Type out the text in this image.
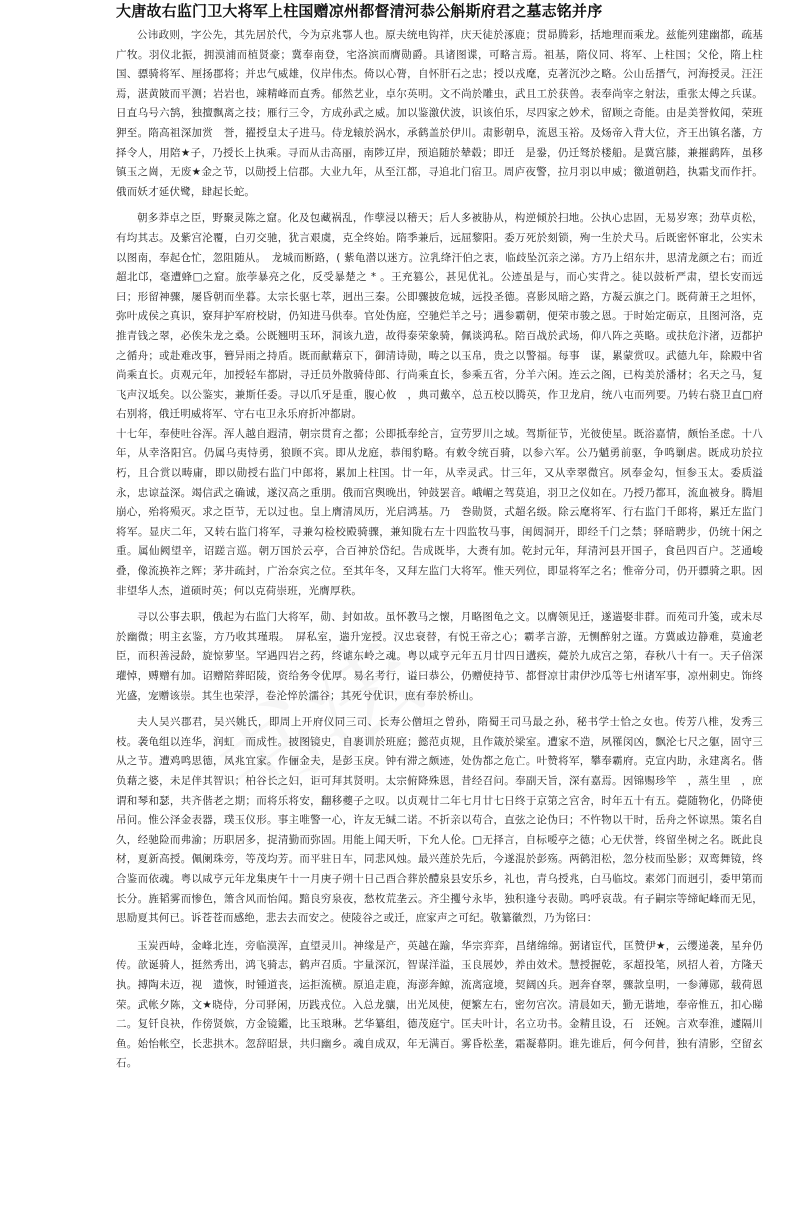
大唐故右监门卫大将军上柱国赠凉州都督清河恭公斛斯府君之墓志铭并序

公讳政则，字公先，其先居於代，今为京兆鄠人也。原夫统电钩祥，庆天徒於涿鹿；贯昴腾彩，括地理而乘龙。兹能列建幽都，疏基广牧。羽仪北振，拥漠浦而植贤豪；冀奉南登，宅洛滨而膺勋爵。具诸图谍，可略言焉。祖基，隋仪同、将军、上柱国；父伦，隋上柱国、骠骑将军、厘扬郡将；并忠气威雄，仪岸伟杰。倚以心膂，自怀肝石之忠；授以戎麾，克著沉沙之略。公山岳搢气，河海授灵。汪汪焉，湛黄陂而平测；岩岩也，竦精峰而直秀。郁然艺业，卓尔英明。文不尚於雕虫，武且工於获兽。表奉尚宰之射法，重张太傅之兵谋。日直乌号六鹄，独擅飘离之技；雁行三令，方成孙武之威。加以鉴激伏波，识该伯乐，尽四家之妙术，留顾之奇能。由是美誉攸闻，荣班狎至。隋高祖深加赏　誉，擢授皇太子进马。侍龙辕於涡水，承鹤盖於伊川。肃影朝阜，流恩玉裕。及炀帝入背大位，齐王出镇名藩，方择令人，用陪★子，乃授长上执乘。寻而从击高丽，南陟辽岸，预追随於辇毂；即迁　是銎，仍迁驽於楼船。是冀宫膝，兼摧鹞阵，虽移镇玉之崗，无废★金之节，以勋授上信郡。大业九年，从至江都，寻追北门宿卫。周庐夜警，拉月羽以申威；徼道朝趋，执霜戈而作扞。俄而妖才延伏鹭，肆起长蛇。

朝多莽卓之臣，野聚灵陈之窟。化及包藏祸乱，作孽浸以稽天；后人多被胁从，构逆倾於扫地。公执心忠固，无易岁寒；劲草贞松，有均其志。及紫宫沦覆，白刃交驰，犹言艰虞，克全终始。隋季兼后，远屈黎阳。委万死於刻锁，殉一生於犬马。后既密怀窜北，公实未以图南，奉起仓忙，忽阻随从。　龙城而断路，( 紫龟潜以迷方。泣乳绛汗伯之衷，临歧坠沉亲之涕。方乃上绍东井，思清龙颜之右；而近超北邙，毫遭蜂□之窟。旅荸暴亮之化，反受暴楚之 * 。王充篡公，甚见优礼。公迹虽是与，而心实背之。徒以鼓析严肃，望长安而远曰；形留神骤，屡昏朝而坐暮。太宗长驱七萃，迥出三秦。公即骤披危城，远投圣德。喜影凤暗之路，方凝云旗之门。既荷萧王之坦怀，弥叶成侯之真识，寮拜护军府校尉，仍知进马供奉。官处伪庭，空驰烂羊之号；遇参霸朝，便荣市骏之恩。于时始定砺京，且图河洛，克推青钱之翠，必俟朱龙之桑。公既翘明玉环，洞该九造，故得泰荣象骑，佩谈鸿私。陪百战於武场，仰八阵之英略。或扶危汴渚，迈都护之循舟；或赴难改事，簪异雨之持盾。既而献藉京下，御清诗勋，畴之以玉帛，贵之以警福。每事　谋，累蒙赏叹。武德九年，除殿中省尚乘直长。贞观元年，加授轻车都尉，寻迁员外散骑侍郎、行尚乘直长，参乘五省，分羊六闲。连云之阁，已构美於潘材；名天之马，复飞声汉坻矣。以公鉴实，兼斯任委。寻以爪牙是重，腹心攸　，典司戴卒，总五校以腾英，作卫龙肩，统八屯而列要。乃转右骁卫直□府右别将，俄迁明威将军、守右屯卫永乐府折冲都尉。

十七年，奉使吐谷浑。浑人越自遐清，朝宗贯育之都；公即抵奉纶言，宣劳罗川之域。驾斯征节，光彼使星。既浴嘉情，颇怡圣虑。十八年，从幸洛阳宫。仍属乌夷恃勇，狼顾不宾。即从龙庭，恭闱豹略。有敕令统百骑，以参六军。公乃魈勇前驱，争鸣剿虐。既成功於拉朽，且合赏以畴庸，即以勋授右监门中郎将，累加上柱国。廿一年，从幸灵武。廿三年，又从幸翠微宫。夙奉金勾，恒参玉太。委质溢永，忠谅益深。竭信武之确诚，遂汉高之重朋。俄而宫舆晚出，钟鼓罢音。峨嵋之驾莫追，羽卫之仪如在。乃授乃都耳，流血被身。腾旭崩心，殆将殒灭。求之臣节，无以过也。皇上膺清凤历，光启鸿基。乃　巻勋贤，式超名级。除云麾将军、行右监门千郎将，累迁左监门将军。显庆二年，又转右监门将军，寻兼勾检校殿骑骤，兼知陇右左十四监牧马事，闺闼洞开，即经千门之禁；驿暗聘步，仍统十闲之重。属仙阙望辛，诏蹉言巡。朝万国於云亭，合百神於岱纪。告成既毕，大赉有加。乾封元年，拜清河县开国子，食邑四百户。芝通峻叠，像流换祚之辉；茅井疏封，广治奈宾之位。至其年冬，又拜左监门大将军。惟天列位，即显将军之名；惟帝分司，仍开骠骑之职。因非望华人杰，道硕时英；何以克荷崇班，光膺厚秩。

寻以公事去职，俄起为右监门大将军，勋、封如故。虽怀教马之懐，月略图龟之文。以膺领见迁，遂遄娶非群。而苑司升笺，或未尽於幽微；明主玄鉴，方乃收其瑾瑕。　屏私室，遄升宠授。汉忠衰替，有悦王帝之心；霸孝言游，无恻醉射之谨。方冀戚边静难，莫逾老臣，而积善浸龄，旋惊萝坚。罕遇四岩之药，终谑东岭之魂。粤以咸亨元年五月廿四日遘疾，薨於九成宫之第，春秋八十有一。天子倍深瓘悼，赙赠有加。诏赠陪葬昭陵，资给务令优厚。易名考行，谥曰恭公，仍赠使持节、都督凉甘肃伊沙瓜等七州诸军事，凉州刺史。饰终光盛，宠赠该崇。其生也荣浮，卷沦悴於濡谷；其死兮优识，庶有奉於桥山。

夫人吴兴郡君，吴兴姚氏，即周上开府仪同三司、长寿公僧垣之曾孙，隋蜀王司马最之孙，秘书学士恰之女也。传芳八椎，发秀三枝。袭龟组以连华，润虹　而成性。披图镜史，自裹训於班庭；懿范贞规，且作箴於梁室。遭家不造，夙罹闵凶，飘沦七尺之躯，固守三从之节。遭鸡鸣思德，凤兆宜家。作俪金夫，是彭玉戾。钟有滞之颇迹，处伪都之危亡。叶赞将军，攀奉霸府。克宣内助，永建离名。偕负藉之婆，未足伴其智识；柏谷长之妇，讵可拜其贤明。太宗俯降殊恩，昔经召问。奉副天旨，深有嘉焉。因锦赐珍竿　，蒸生里　，庶谓和琴和瑟，共齐偕老之期；而将乐将安，翻移夔子之叹。以贞观廿二年七月廿七日终于京第之宫舍，时年五十有五。薨随物化，仍降使吊问。惟公泽金表器，璞玉仪形。事主唯警一心，许友无缄二诺。不折亲以苟合，直弦之论伪曰；不忤物以干时，岳舟之怀谅黑。策名自久，经驰险而弗渝；历职居多，捉清勤而弥固。用能上闻天听，下允人伦。□无择言，自标嗳亭之德；心无伏誉，终留坐树之名。既此良材，夏新高授。佩阑珠旁，等茂均芳。而平驻日车，同悲风烛。最兴莲於先后，今遂混於彭殇。两鹤泪松，忽分枝而坠影；双鸾舞镜，终合鉴而依魂。粤以咸亨元年龙集庚午十一月庚子朔十日己酉合葬於醴泉县安乐乡，礼也，青乌授兆，白马临坟。素郊门而迥引，委甲第而长分。旌韬雾而惨色，箫含风而怡闻。黯良穷泉夜，愁枚荒垄云。齐尘攫兮永毕，独积逢兮表勋。鸣呼哀哉。有子嗣宗等缔屺峰而无见，思励夏其何已。诉苍苍而感绝，悲去去而安之。使陵谷之或迁，庶家声之可纪。敬纂徽烈，乃为铭曰：

玉炭西峙，金峰北连，旁临漠浑，直望灵川。神缘是产，英越在踰，华宗弈弈，昌绪绵绵。弼诸宦代，匡赞伊★，云缨递袭，星弁仍传。歆诞骑人，挺然秀出，鸿飞骑志，鹤声召质。宇量深沉，智谋洋溢，玉良展妙，养由效术。慧授握乾，豕超投笔，夙招人着，方隆天执。搏陶未迈，视　遗恢，时锺道丧，运拒流横。原追走鹿，海澎奔鲸，流离寇境，契阔凶兵。迥奔眘翠，骤款皇明，一参薄郧，载荷恩荣。武帐夕陈，文★晓侍，分司驿闲，历践戎位。入总龙骧，出光凤使，便繁左右，密勿宫次。清晨如天，勤无谐地，奉帝惟五，扣心睇二。复钎良袂，作傍贤嫔，方金镜鑑，比玉琅琳。艺华纂组，德茂庭宁。匡夫叶计，名立功书。金精且设，石　还婉。言欢奉淮，遽隔川鱼。始怡帐空，长悲拱木。忽辞昭景，共归幽乡。魂自成双，年无满百。雾昏松垄，霜凝幕阴。谁先谁后，何今何昔，独有清影，空留玄石。
